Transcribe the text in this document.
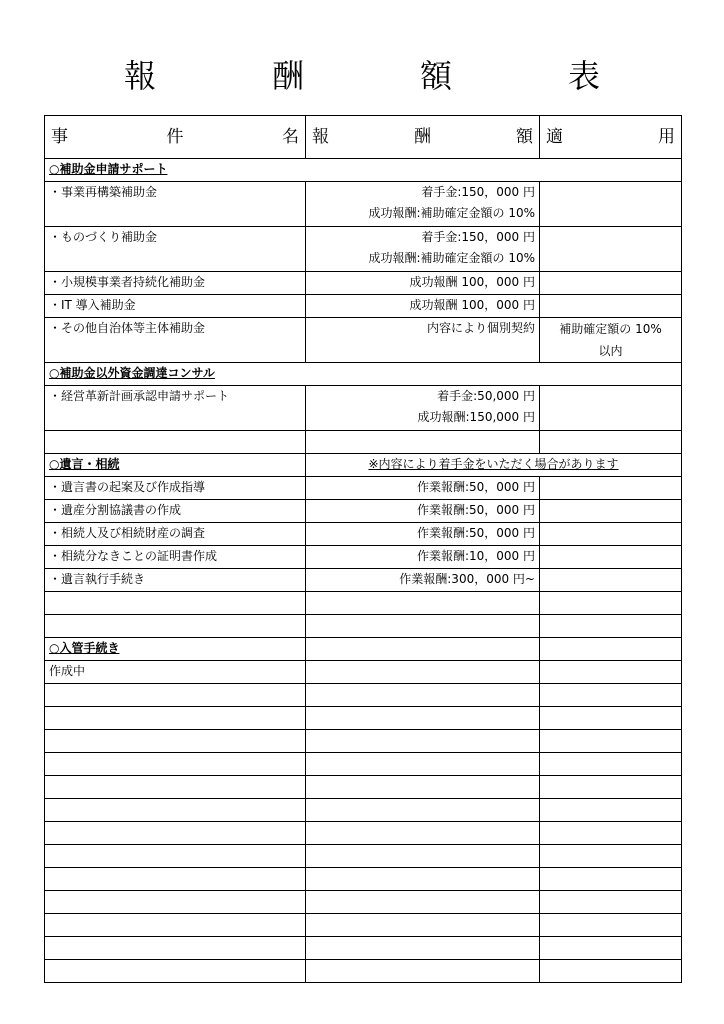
報　酬　額　表
事 件 名	報 酬 額	適 用

○補助金申請サポート		
・事業再構築補助金	着手金:150，000 円
成功報酬:補助確定金額の 10%	

・ものづくり補助金	着手金:150，000 円
成功報酬:補助確定金額の 10%	

・小規模事業者持続化補助金	成功報酬 100，000 円	
・IT 導入補助金	成功報酬 100，000 円	
・その他自治体等主体補助金	内容により個別契約	補助確定額の 10%
以内

○補助金以外資金調達コンサル		
・経営革新計画承認申請サポート	着手金:50,000 円
成功報酬:150,000 円	

○遺言・相続	※内容により着手金をいただく場合があります	
・遺言書の起案及び作成指導	作業報酬:50，000 円	
・遺産分割協議書の作成	作業報酬:50，000 円	
・相続人及び相続財産の調査	作業報酬:50，000 円	
・相続分なきことの証明書作成	作業報酬:10，000 円	
・遺言執行手続き	作業報酬:300，000 円~	

○入管手続き		
作成中		
